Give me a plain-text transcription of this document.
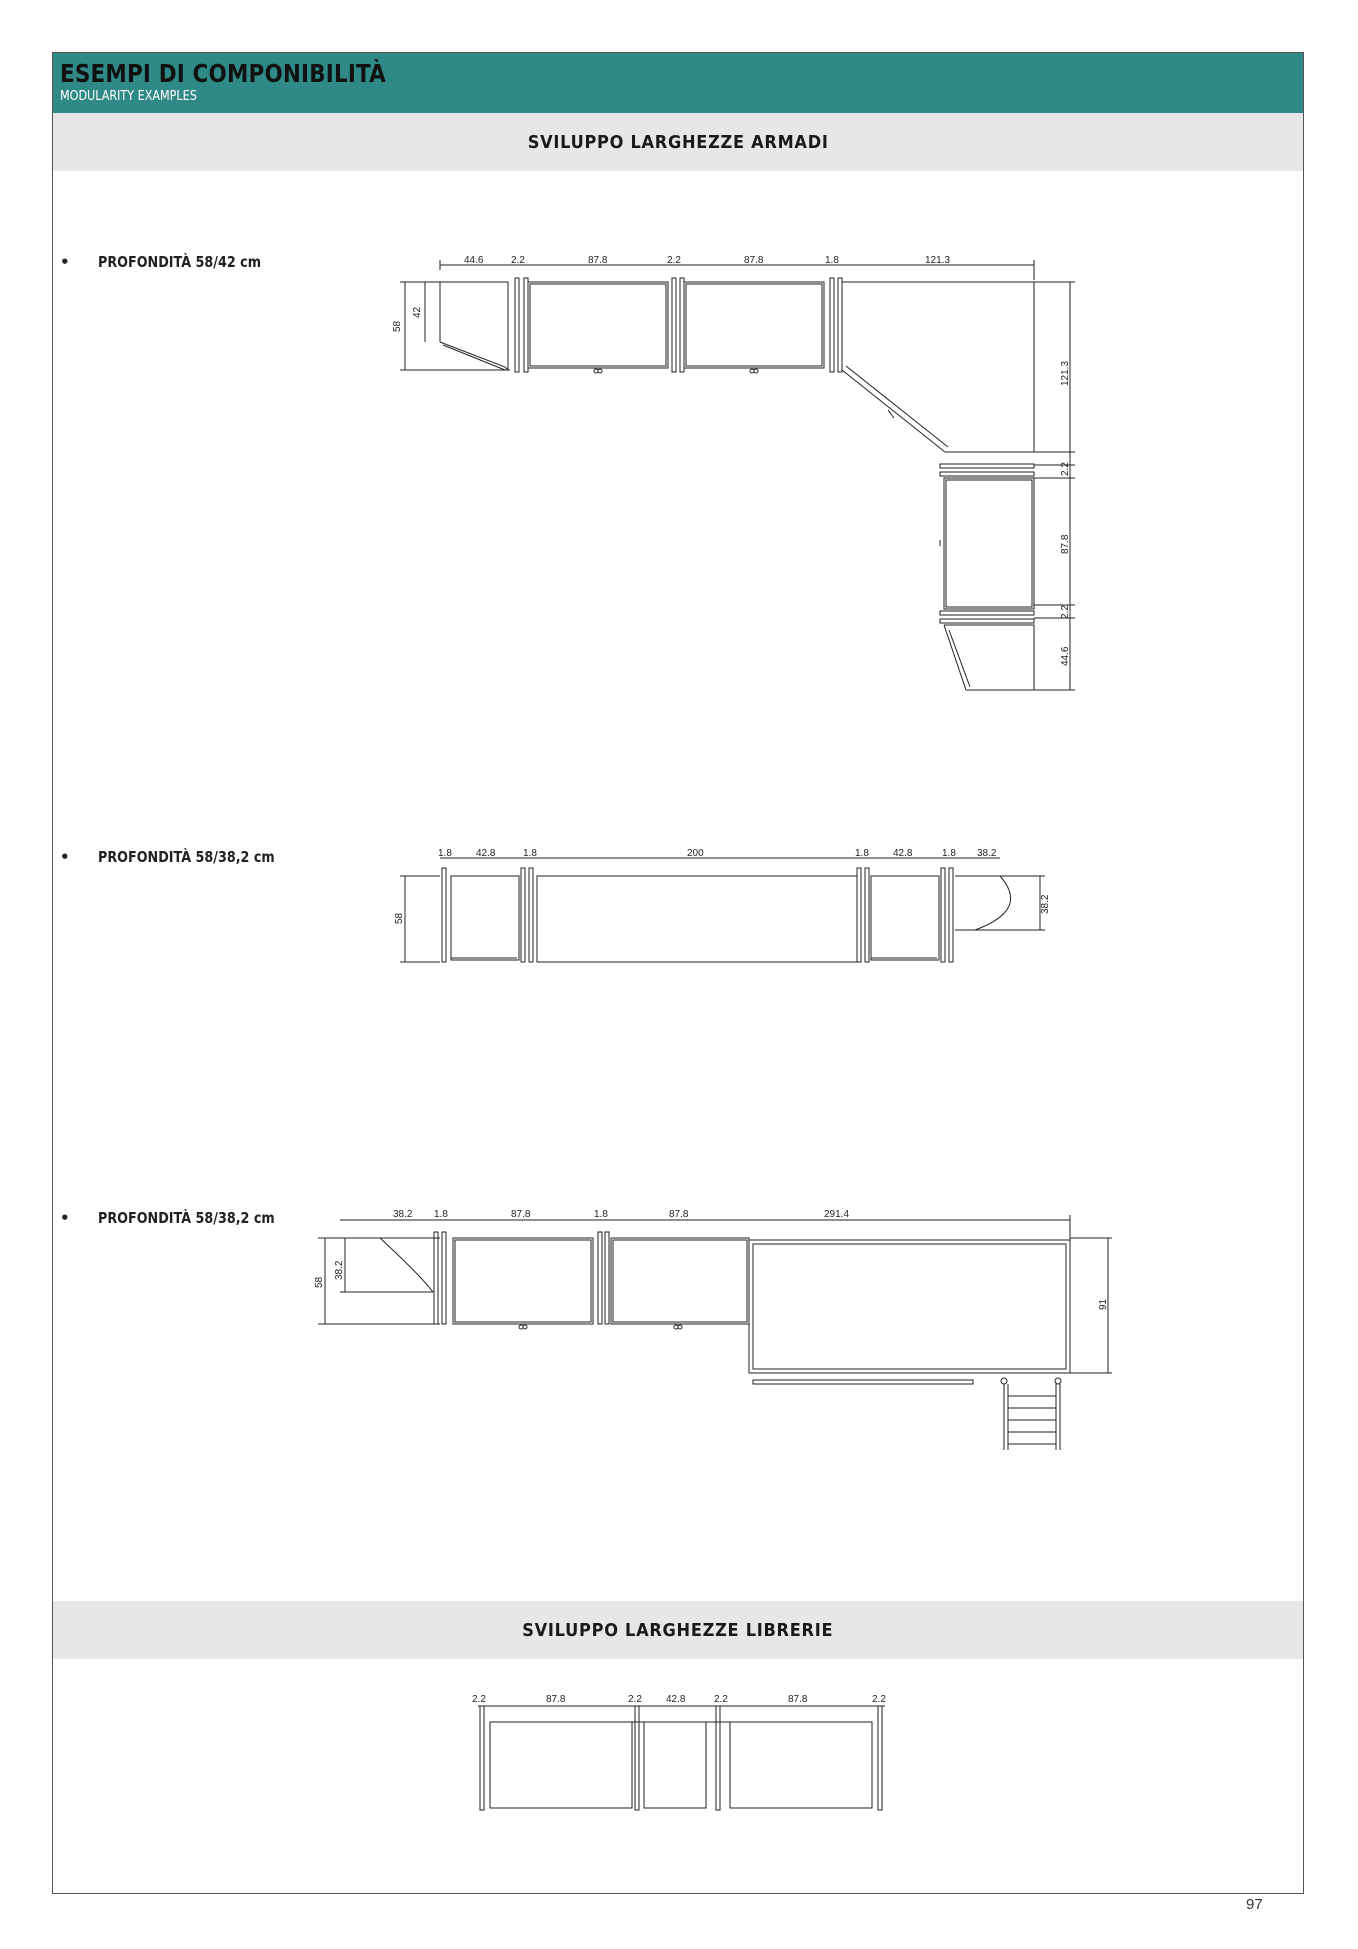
ESEMPI DI COMPONIBILITÀ
MODULARITY EXAMPLES
SVILUPPO LARGHEZZE ARMADI
SVILUPPO LARGHEZZE LIBRERIE
• PROFONDITÀ 58/42 cm
• PROFONDITÀ 58/38,2 cm
• PROFONDITÀ 58/38,2 cm
44.6	2.2	87.8	2.2	87.8	1.8	121.3
58
42
121.3
2.2
87.8
2.2
44.6
1.8 42.8	1.8	200	1.8 42.8	1.8 38.2
58
38.2
38.2 1.8	87.8	1.8	87.8	291.4
58
38.2
91
2.2	87.8	2.2 42.8	2.2	87.8	2.2
97
